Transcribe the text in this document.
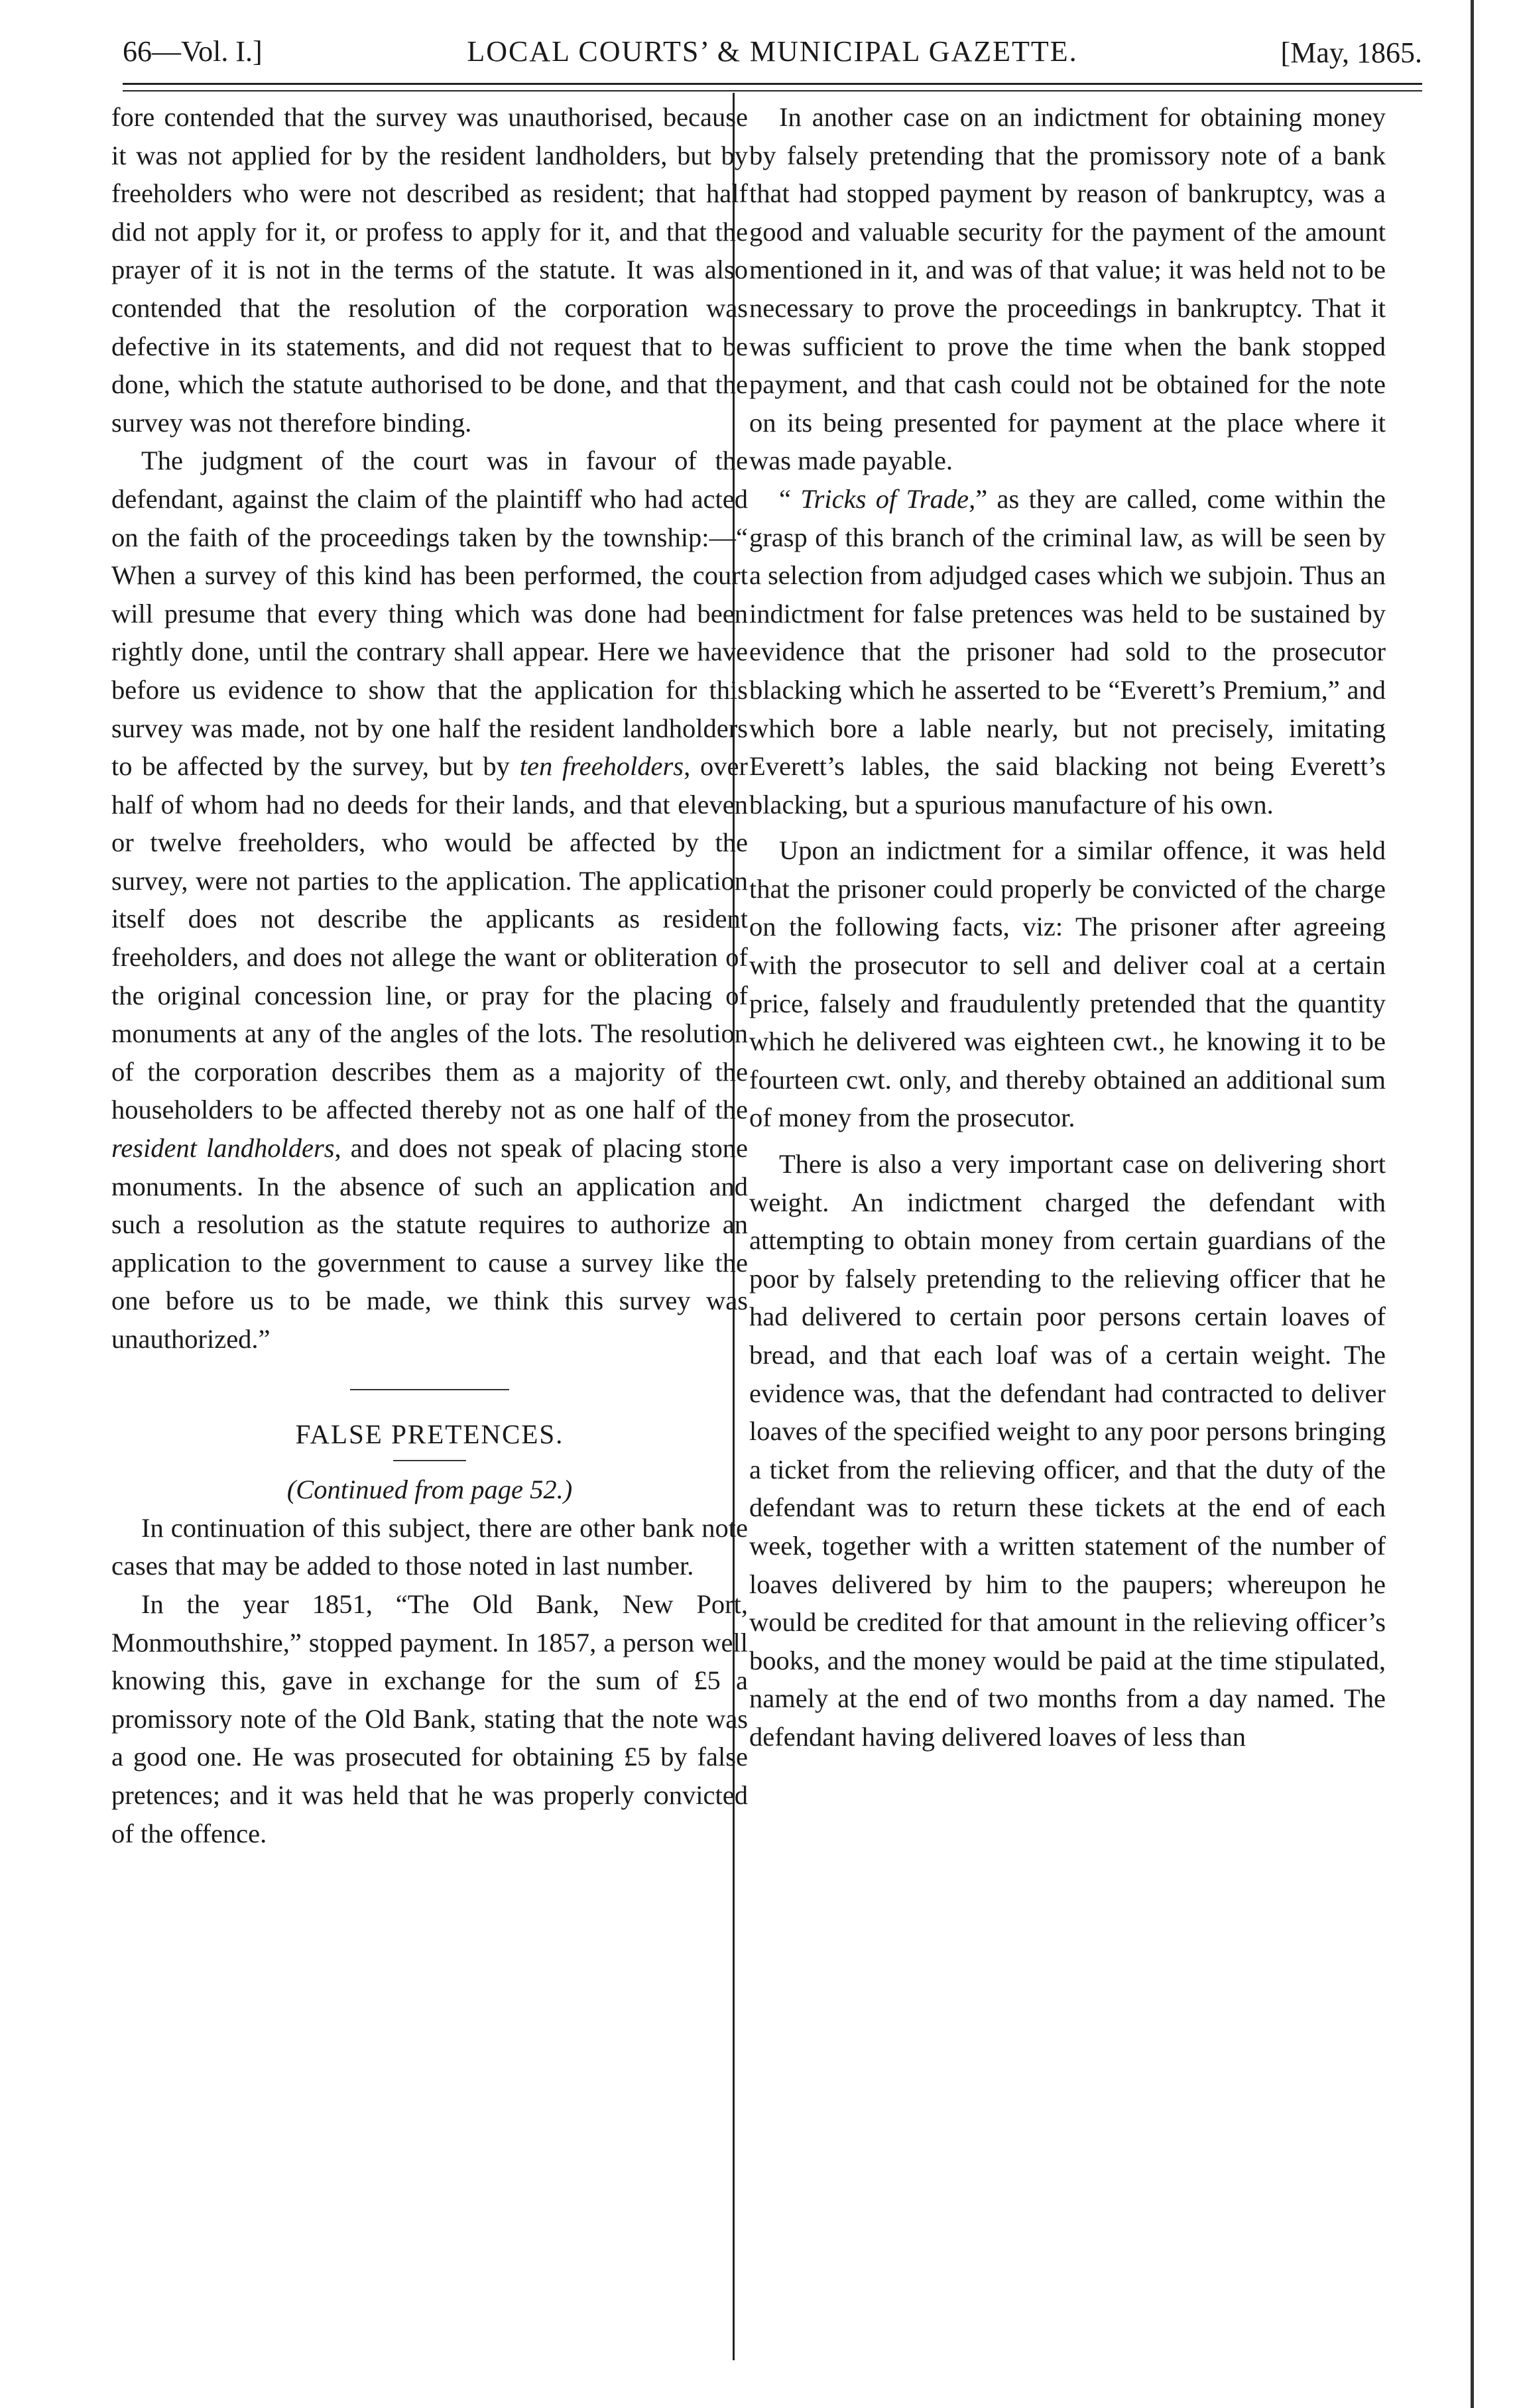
66—Vol. I.]	LOCAL COURTS’ & MUNICIPAL GAZETTE.	[May, 1865.

fore contended that the survey was unauthorised, because it was not applied for by the resident landholders, but by freeholders who were not described as resident; that half did not apply for it, or profess to apply for it, and that the prayer of it is not in the terms of the statute. It was also contended that the resolution of the corporation was defective in its statements, and did not request that to be done, which the statute authorised to be done, and that the survey was not therefore binding.

The judgment of the court was in favour of the defendant, against the claim of the plaintiff who had acted on the faith of the proceedings taken by the township:—“ When a survey of this kind has been performed, the court will presume that every thing which was done had been rightly done, until the contrary shall appear. Here we have before us evidence to show that the application for this survey was made, not by one half the resident landholders to be affected by the survey, but by ten freeholders, over half of whom had no deeds for their lands, and that eleven or twelve freeholders, who would be affected by the survey, were not parties to the application. The application itself does not describe the applicants as resident freeholders, and does not allege the want or obliteration of the original concession line, or pray for the placing of monuments at any of the angles of the lots. The resolution of the corporation describes them as a majority of the householders to be affected thereby not as one half of the resident landholders, and does not speak of placing stone monuments. In the absence of such an application and such a resolution as the statute requires to authorize an application to the government to cause a survey like the one before us to be made, we think this survey was unauthorized.”

FALSE PRETENCES.

(Continued from page 52.)

In continuation of this subject, there are other bank note cases that may be added to those noted in last number.

In the year 1851, “The Old Bank, New Port, Monmouthshire,” stopped payment. In 1857, a person well knowing this, gave in exchange for the sum of £5 a promissory note of the Old Bank, stating that the note was a good one. He was prosecuted for obtaining £5 by false pretences; and it was held that he was properly convicted of the offence.

In another case on an indictment for obtaining money by falsely pretending that the promissory note of a bank that had stopped payment by reason of bankruptcy, was a good and valuable security for the payment of the amount mentioned in it, and was of that value; it was held not to be necessary to prove the proceedings in bankruptcy. That it was sufficient to prove the time when the bank stopped payment, and that cash could not be obtained for the note on its being presented for payment at the place where it was made payable.

“ Tricks of Trade,” as they are called, come within the grasp of this branch of the criminal law, as will be seen by a selection from adjudged cases which we subjoin. Thus an indictment for false pretences was held to be sustained by evidence that the prisoner had sold to the prosecutor blacking which he asserted to be “Everett’s Premium,” and which bore a lable nearly, but not precisely, imitating Everett’s lables, the said blacking not being Everett’s blacking, but a spurious manufacture of his own.

Upon an indictment for a similar offence, it was held that the prisoner could properly be convicted of the charge on the following facts, viz: The prisoner after agreeing with the prosecutor to sell and deliver coal at a certain price, falsely and fraudulently pretended that the quantity which he delivered was eighteen cwt., he knowing it to be fourteen cwt. only, and thereby obtained an additional sum of money from the prosecutor.

There is also a very important case on delivering short weight. An indictment charged the defendant with attempting to obtain money from certain guardians of the poor by falsely pretending to the relieving officer that he had delivered to certain poor persons certain loaves of bread, and that each loaf was of a certain weight. The evidence was, that the defendant had contracted to deliver loaves of the specified weight to any poor persons bringing a ticket from the relieving officer, and that the duty of the defendant was to return these tickets at the end of each week, together with a written statement of the number of loaves delivered by him to the paupers; whereupon he would be credited for that amount in the relieving officer’s books, and the money would be paid at the time stipulated, namely at the end of two months from a day named. The defendant having delivered loaves of less than
